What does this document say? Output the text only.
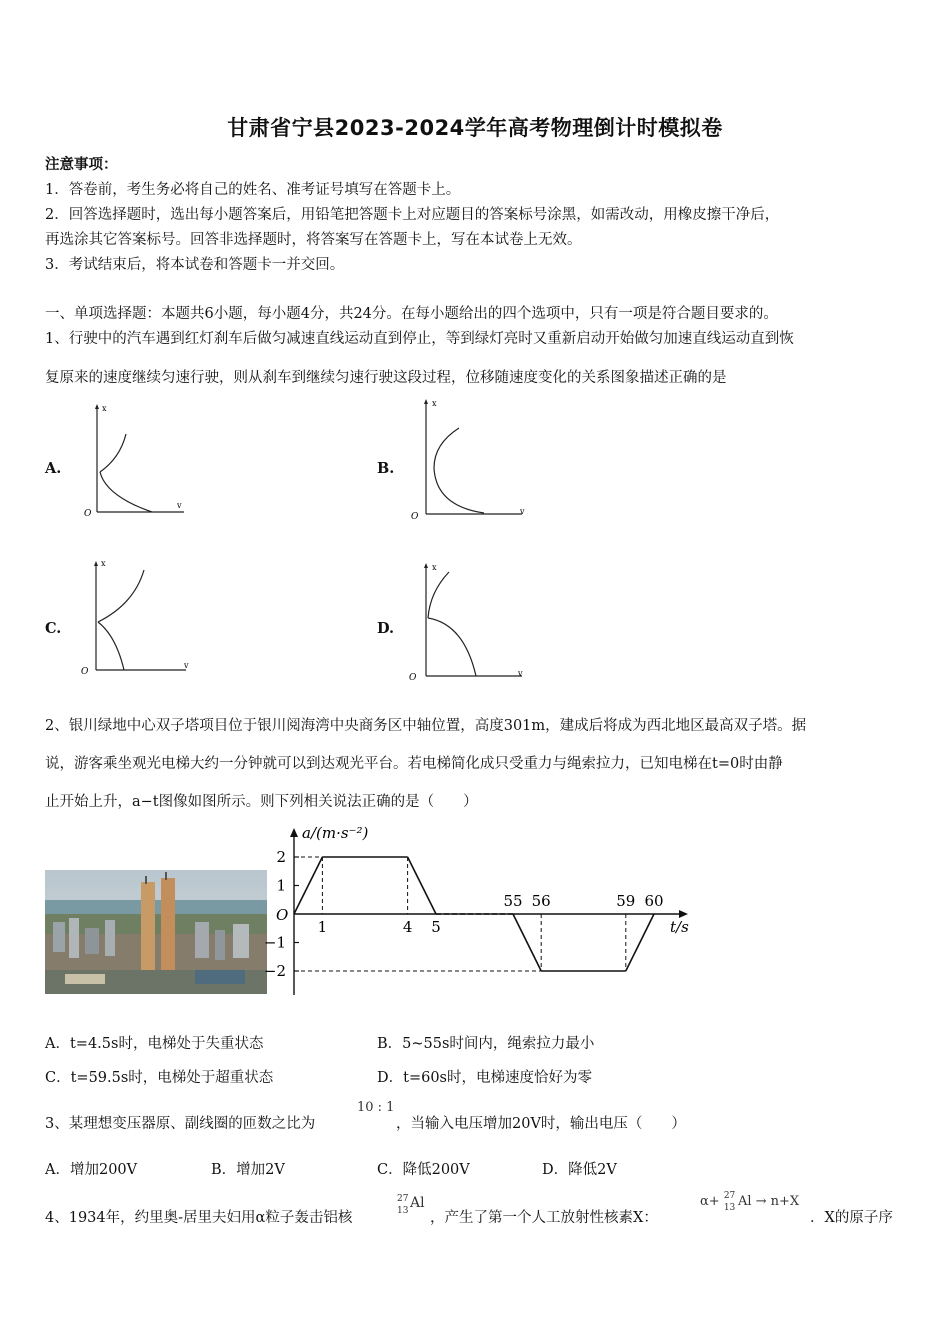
甘肃省宁县2023-2024学年高考物理倒计时模拟卷
注意事项：
1．答卷前，考生务必将自己的姓名、准考证号填写在答题卡上。
2．回答选择题时，选出每小题答案后，用铅笔把答题卡上对应题目的答案标号涂黑，如需改动，用橡皮擦干净后，
再选涂其它答案标号。回答非选择题时，将答案写在答题卡上，写在本试卷上无效。
3．考试结束后，将本试卷和答题卡一并交回。
一、单项选择题：本题共6小题，每小题4分，共24分。在每小题给出的四个选项中，只有一项是符合题目要求的。
1、行驶中的汽车遇到红灯刹车后做匀减速直线运动直到停止，等到绿灯亮时又重新启动开始做匀加速直线运动直到恢
复原来的速度继续匀速行驶，则从刹车到继续匀速行驶这段过程，位移随速度变化的关系图象描述正确的是
A.	B.
C.	D.
x
v
O
x
v
O
x
v
O
x
v
O
2、银川绿地中心双子塔项目位于银川阅海湾中央商务区中轴位置，高度301m，建成后将成为西北地区最高双子塔。据
说，游客乘坐观光电梯大约一分钟就可以到达观光平台。若电梯简化成只受重力与绳索拉力，已知电梯在t=0时由静
止开始上升，a−t图像如图所示。则下列相关说法正确的是（　　）
a/(m·s⁻²)
t/s
O
2
1
−1
−2
1	4 5
55 56	59 60
A．t=4.5s时，电梯处于失重状态	B．5~55s时间内，绳索拉力最小
C．t=59.5s时，电梯处于超重状态	D．t=60s时，电梯速度恰好为零
3、某理想变压器原、副线圈的匝数之比为
10 : 1
，当输入电压增加20V时，输出电压（　　）
A．增加200V	B．增加2V	C．降低200V	D．降低2V
4、1934年，约里奥-居里夫妇用α粒子轰击铝核
27
13 Al
，产生了第一个人工放射性核素X：
α+ 27
13 Al → n+X
．X的原子序
